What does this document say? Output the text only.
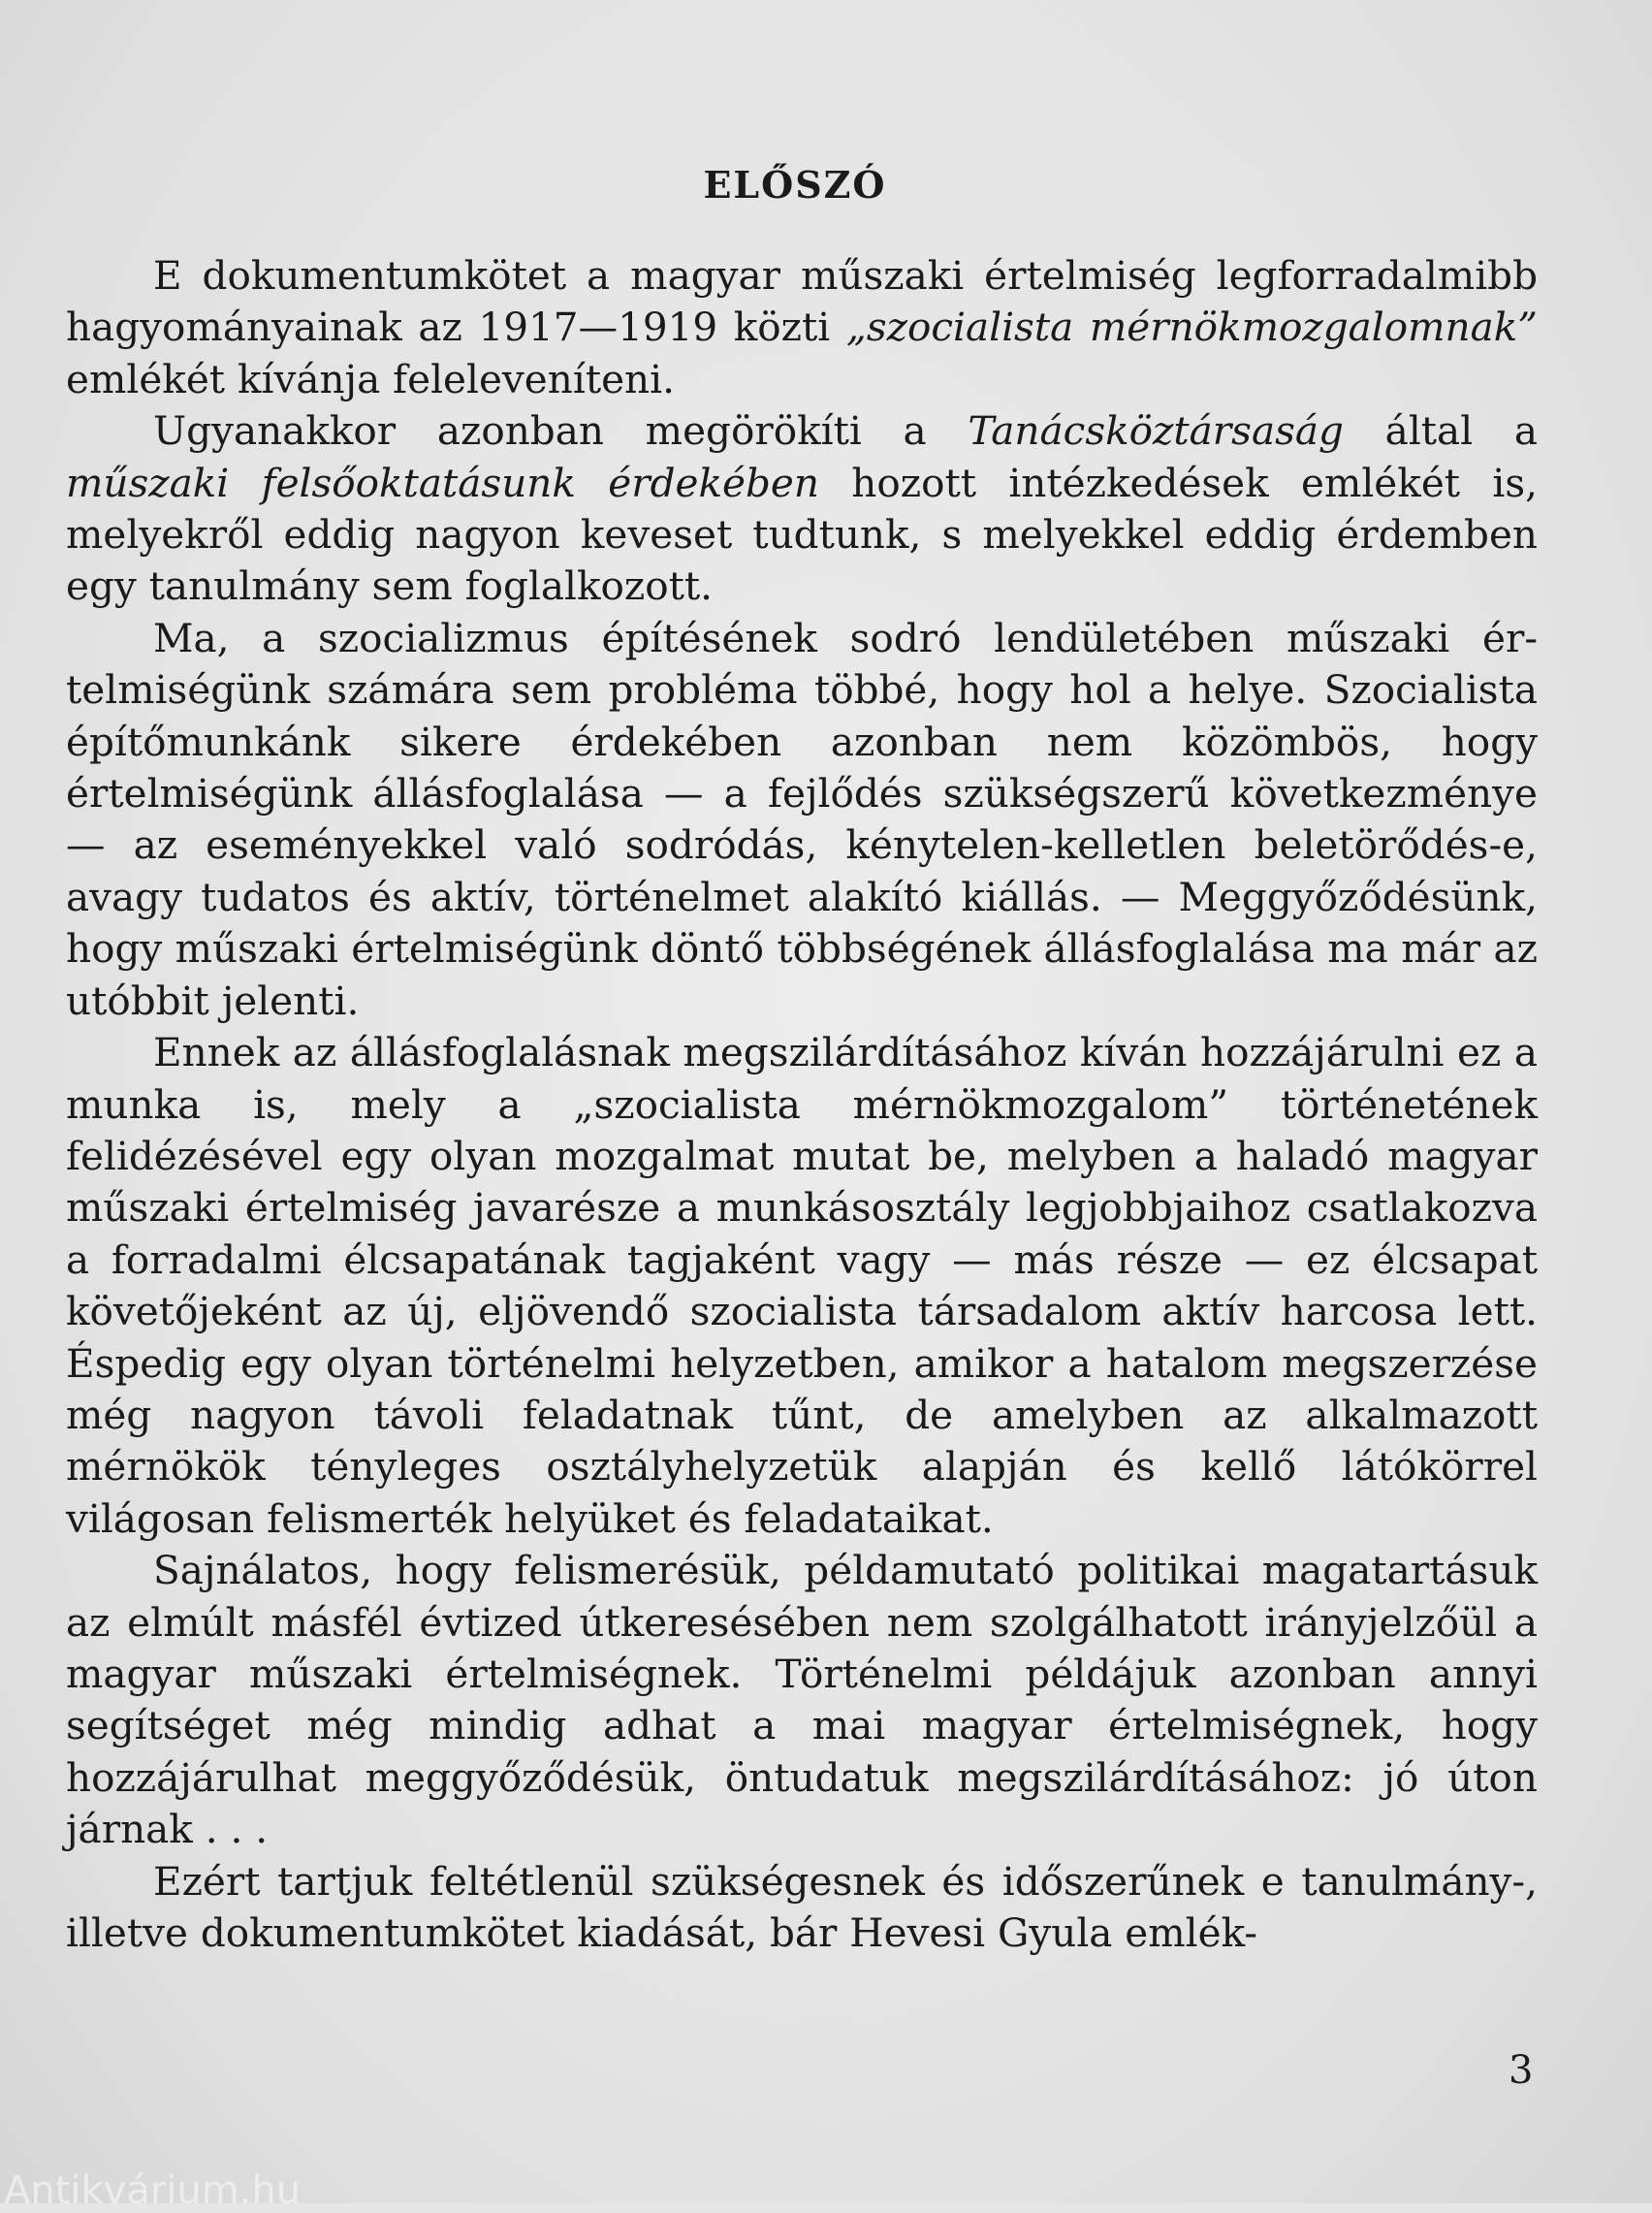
ELŐSZÓ

E dokumentumkötet a magyar műszaki értelmiség legforradalmibb hagyományainak az 1917—1919 közti „szocialista mérnökmozgalomnak” emlékét kívánja feleleveníteni.

Ugyanakkor azonban megörökíti a Tanácsköztársaság által a műszaki felsőoktatásunk érdekében hozott intézkedések emlékét is, melyekről eddig nagyon keveset tudtunk, s melyekkel eddig érdemben egy tanulmány sem foglalkozott.

Ma, a szocializmus építésének sodró lendületében műszaki értelmiségünk számára sem probléma többé, hogy hol a helye. Szocialista építőmunkánk sikere érdekében azonban nem közömbös, hogy értelmiségünk állásfoglalása — a fejlődés szükségszerű következménye — az eseményekkel való sodródás, kénytelen-kelletlen beletörődés-e, avagy tudatos és aktív, történelmet alakító kiállás. — Meggyőződésünk, hogy műszaki értelmiségünk döntő többségének állásfoglalása ma már az utóbbit jelenti.

Ennek az állásfoglalásnak megszilárdításához kíván hozzájárulni ez a munka is, mely a „szocialista mérnökmozgalom” történetének felidézésével egy olyan mozgalmat mutat be, melyben a haladó magyar műszaki értelmiség javarésze a munkásosztály legjobbjaihoz csatlakozva a forradalmi élcsapatának tagjaként vagy — más része — ez élcsapat követőjeként az új, eljövendő szocialista társadalom aktív harcosa lett. Éspedig egy olyan történelmi helyzetben, amikor a hatalom megszerzése még nagyon távoli feladatnak tűnt, de amelyben az alkalmazott mérnökök tényleges osztályhelyzetük alapján és kellő látókörrel világosan felismerték helyüket és feladataikat.

Sajnálatos, hogy felismerésük, példamutató politikai magatartásuk az elmúlt másfél évtized útkeresésében nem szolgálhatott irányjelzőül a magyar műszaki értelmiségnek. Történelmi példájuk azonban annyi segítséget még mindig adhat a mai magyar értelmiségnek, hogy hozzájárulhat meggyőződésük, öntudatuk megszilárdításához: jó úton járnak . . .

Ezért tartjuk feltétlenül szükségesnek és időszerűnek e tanulmány-, illetve dokumentumkötet kiadását, bár Hevesi Gyula emlék-

3
Antikvárium.hu
